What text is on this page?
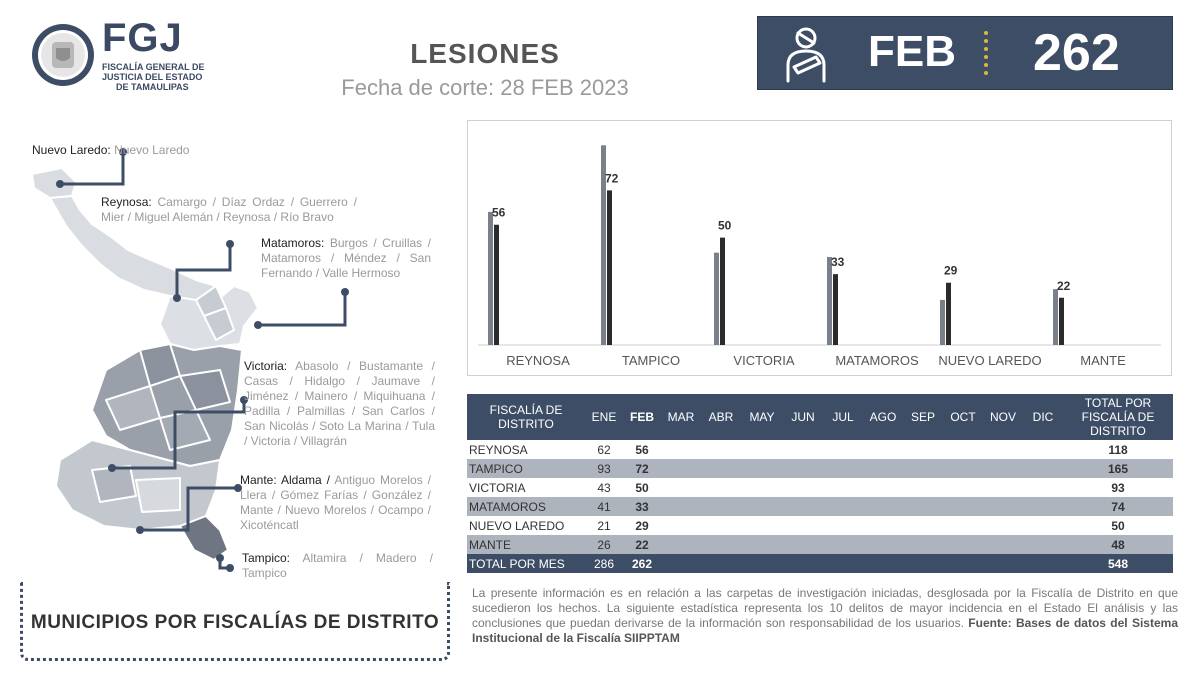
FGJ
FISCALÍA GENERAL DE
JUSTICIA DEL ESTADO
DE TAMAULIPAS
LESIONES
Fecha de corte: 28 FEB 2023
FEB 262
Nuevo Laredo: Nuevo Laredo
Reynosa: Camargo / Díaz Ordaz / Guerrero / Mier / Miguel Alemán / Reynosa / Río Bravo
Matamoros: Burgos / Cruillas / Matamoros / Méndez / San Fernando / Valle Hermoso
Victoria: Abasolo / Bustamante / Casas / Hidalgo / Jaumave / Jiménez / Mainero / Miquihuana / Padilla / Palmillas / San Carlos / San Nicolás / Soto La Marina / Tula / Victoria / Villagrán
Mante: Aldama / Antiguo Morelos / Llera / Gómez Farías / González / Mante / Nuevo Morelos / Ocampo / Xicoténcatl
Tampico: Altamira / Madero / Tampico
MUNICIPIOS POR FISCALÍAS DE DISTRITO
56
REYNOSA
72
TAMPICO
50
VICTORIA
33
MATAMOROS
29
NUEVO LAREDO
22
MANTE
FISCALÍA DE DISTRITO	ENE	FEB	MAR	ABR	MAY	JUN	JUL	AGO	SEP	OCT	NOV	DIC	TOTAL POR FISCALÍA DE DISTRITO
REYNOSA	62	56											118
TAMPICO	93	72											165
VICTORIA	43	50											93
MATAMOROS	41	33											74
NUEVO LAREDO	21	29											50
MANTE	26	22											48
TOTAL POR MES	286	262											548
La presente información es en relación a las carpetas de investigación iniciadas, desglosada por la Fiscalía de Distrito en que sucedieron los hechos. La siguiente estadística representa los 10 delitos de mayor incidencia en el Estado El análisis y las conclusiones que puedan derivarse de la información son responsabilidad de los usuarios. Fuente: Bases de datos del Sistema Institucional de la Fiscalía SIIPPTAM
